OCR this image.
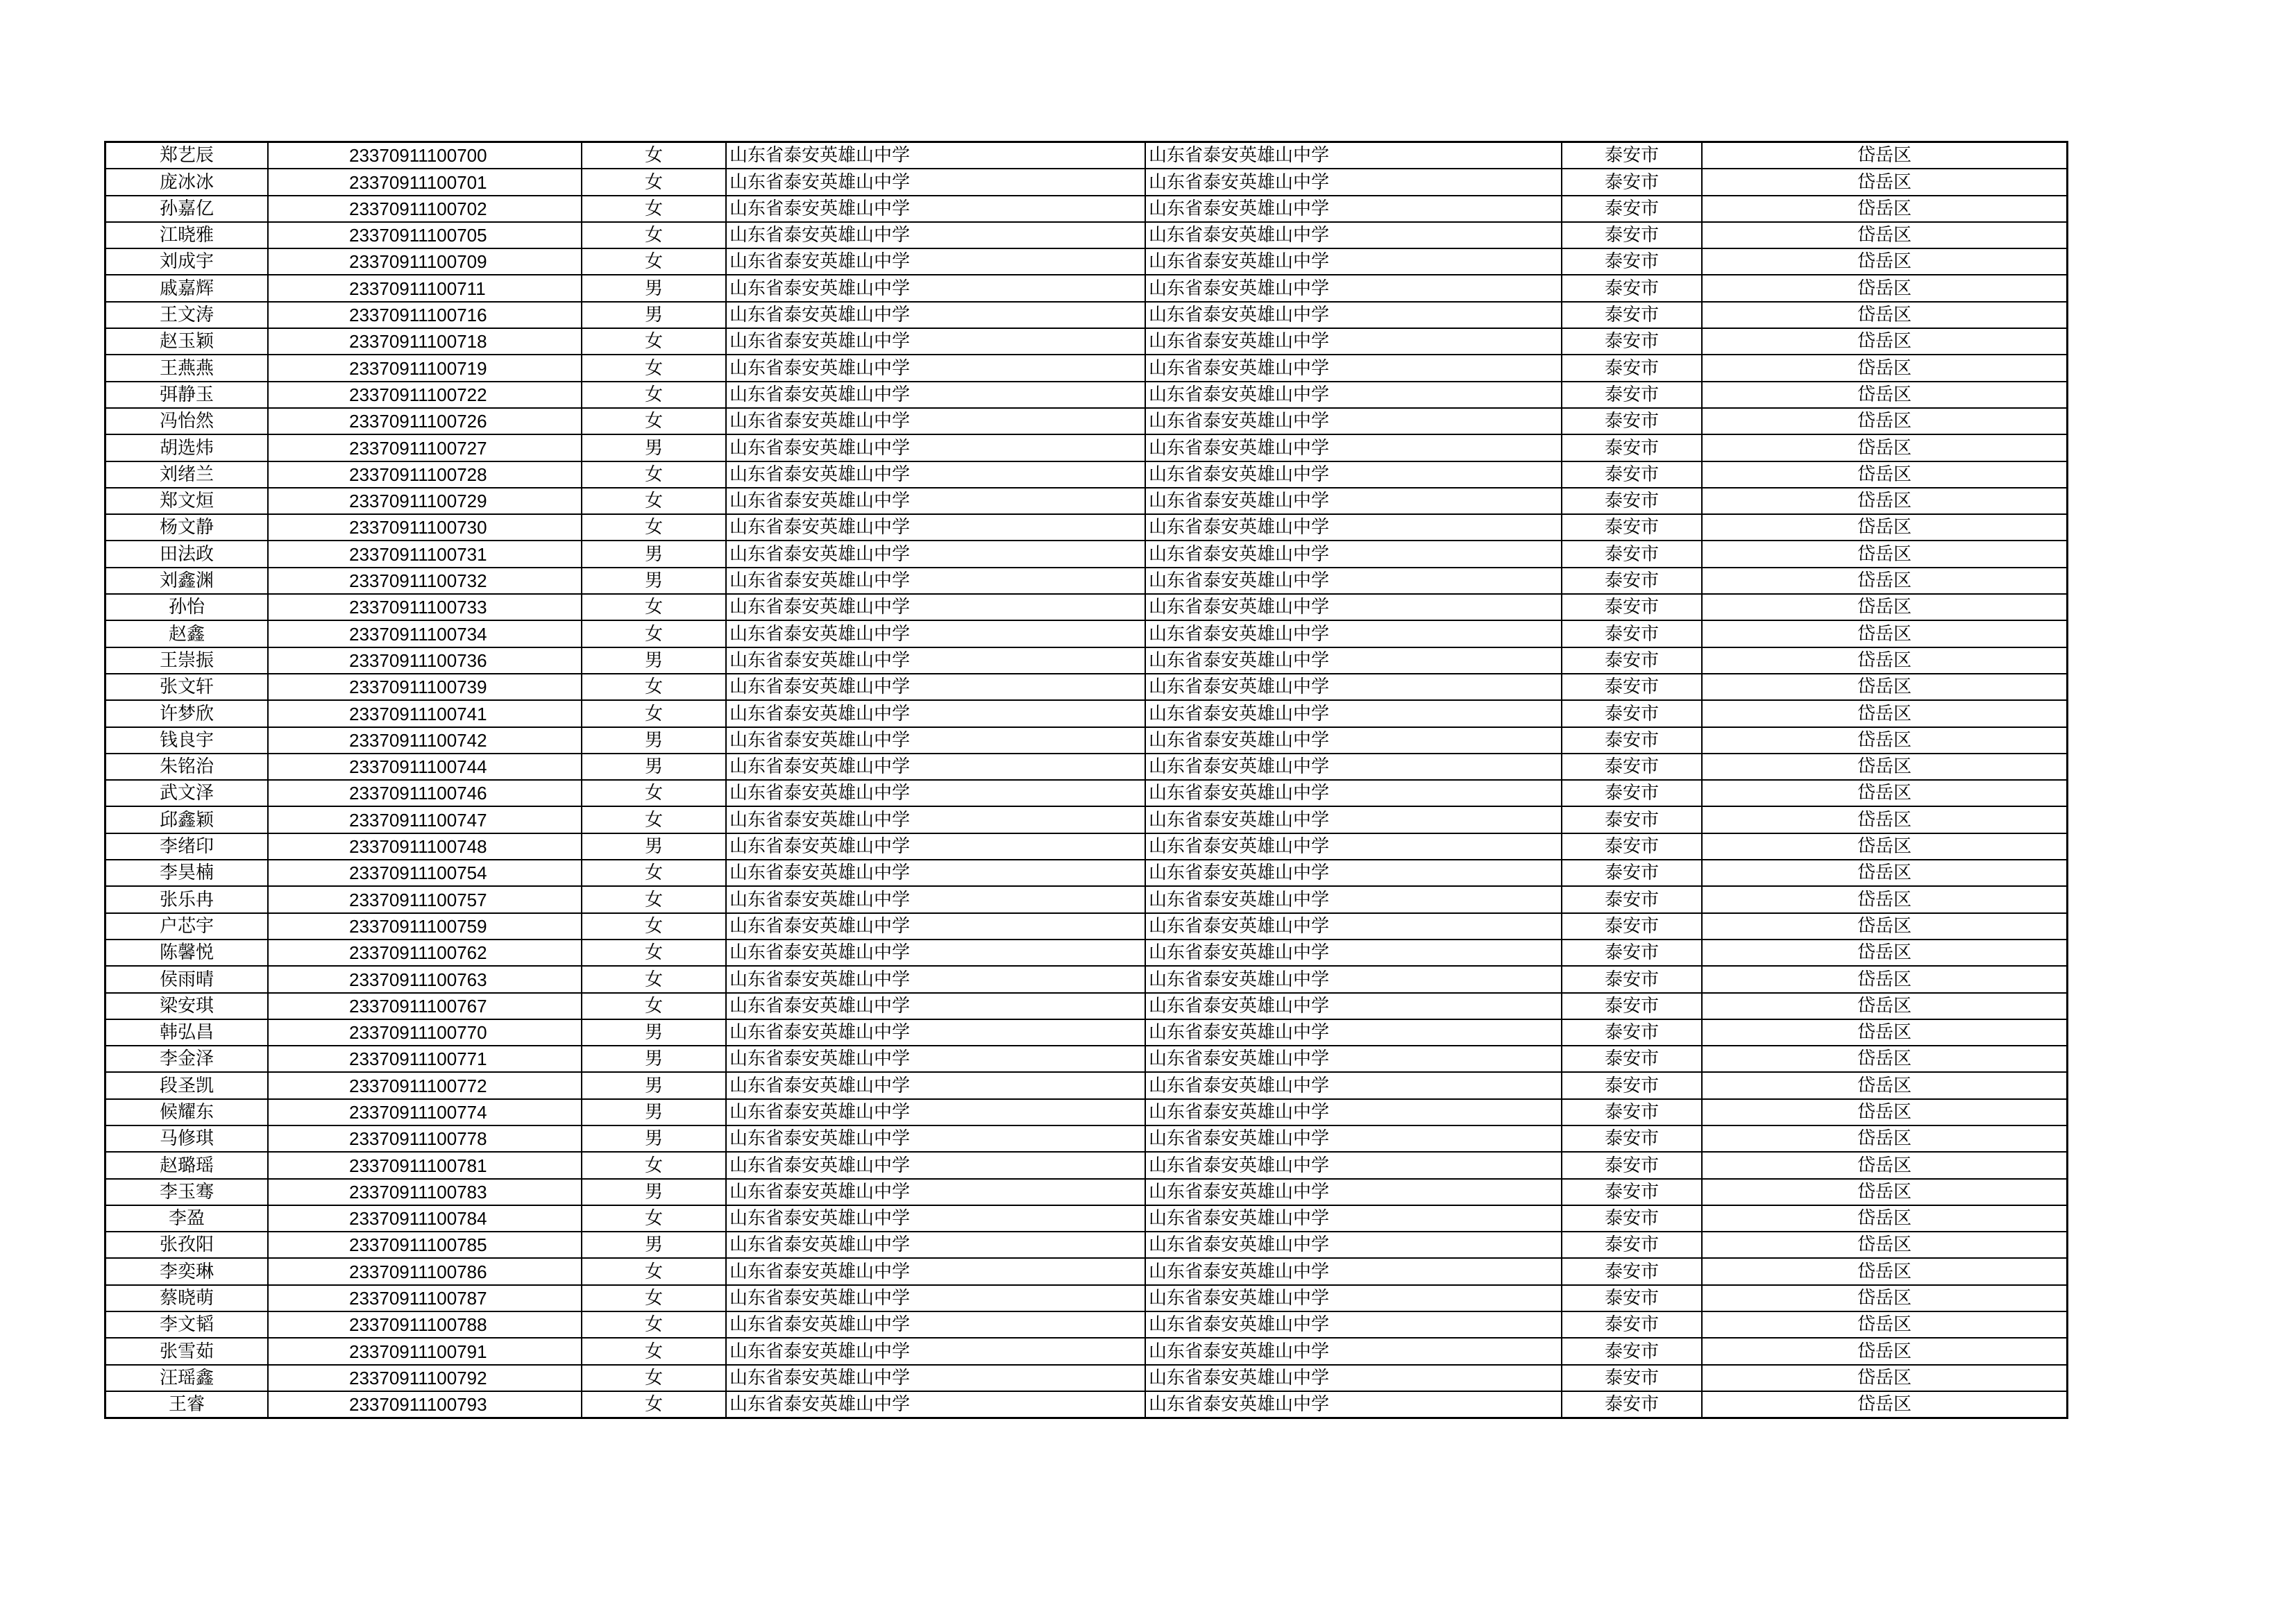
郑艺辰	23370911100700	女	山东省泰安英雄山中学	山东省泰安英雄山中学	泰安市	岱岳区
庞冰冰	23370911100701	女	山东省泰安英雄山中学	山东省泰安英雄山中学	泰安市	岱岳区
孙嘉亿	23370911100702	女	山东省泰安英雄山中学	山东省泰安英雄山中学	泰安市	岱岳区
江晓雅	23370911100705	女	山东省泰安英雄山中学	山东省泰安英雄山中学	泰安市	岱岳区
刘成宇	23370911100709	女	山东省泰安英雄山中学	山东省泰安英雄山中学	泰安市	岱岳区
戚嘉辉	23370911100711	男	山东省泰安英雄山中学	山东省泰安英雄山中学	泰安市	岱岳区
王文涛	23370911100716	男	山东省泰安英雄山中学	山东省泰安英雄山中学	泰安市	岱岳区
赵玉颖	23370911100718	女	山东省泰安英雄山中学	山东省泰安英雄山中学	泰安市	岱岳区
王燕燕	23370911100719	女	山东省泰安英雄山中学	山东省泰安英雄山中学	泰安市	岱岳区
弭静玉	23370911100722	女	山东省泰安英雄山中学	山东省泰安英雄山中学	泰安市	岱岳区
冯怡然	23370911100726	女	山东省泰安英雄山中学	山东省泰安英雄山中学	泰安市	岱岳区
胡选炜	23370911100727	男	山东省泰安英雄山中学	山东省泰安英雄山中学	泰安市	岱岳区
刘绪兰	23370911100728	女	山东省泰安英雄山中学	山东省泰安英雄山中学	泰安市	岱岳区
郑文烜	23370911100729	女	山东省泰安英雄山中学	山东省泰安英雄山中学	泰安市	岱岳区
杨文静	23370911100730	女	山东省泰安英雄山中学	山东省泰安英雄山中学	泰安市	岱岳区
田法政	23370911100731	男	山东省泰安英雄山中学	山东省泰安英雄山中学	泰安市	岱岳区
刘鑫渊	23370911100732	男	山东省泰安英雄山中学	山东省泰安英雄山中学	泰安市	岱岳区
孙怡	23370911100733	女	山东省泰安英雄山中学	山东省泰安英雄山中学	泰安市	岱岳区
赵鑫	23370911100734	女	山东省泰安英雄山中学	山东省泰安英雄山中学	泰安市	岱岳区
王崇振	23370911100736	男	山东省泰安英雄山中学	山东省泰安英雄山中学	泰安市	岱岳区
张文轩	23370911100739	女	山东省泰安英雄山中学	山东省泰安英雄山中学	泰安市	岱岳区
许梦欣	23370911100741	女	山东省泰安英雄山中学	山东省泰安英雄山中学	泰安市	岱岳区
钱良宇	23370911100742	男	山东省泰安英雄山中学	山东省泰安英雄山中学	泰安市	岱岳区
朱铭治	23370911100744	男	山东省泰安英雄山中学	山东省泰安英雄山中学	泰安市	岱岳区
武文泽	23370911100746	女	山东省泰安英雄山中学	山东省泰安英雄山中学	泰安市	岱岳区
邱鑫颖	23370911100747	女	山东省泰安英雄山中学	山东省泰安英雄山中学	泰安市	岱岳区
李绪印	23370911100748	男	山东省泰安英雄山中学	山东省泰安英雄山中学	泰安市	岱岳区
李昊楠	23370911100754	女	山东省泰安英雄山中学	山东省泰安英雄山中学	泰安市	岱岳区
张乐冉	23370911100757	女	山东省泰安英雄山中学	山东省泰安英雄山中学	泰安市	岱岳区
户芯宇	23370911100759	女	山东省泰安英雄山中学	山东省泰安英雄山中学	泰安市	岱岳区
陈馨悦	23370911100762	女	山东省泰安英雄山中学	山东省泰安英雄山中学	泰安市	岱岳区
侯雨晴	23370911100763	女	山东省泰安英雄山中学	山东省泰安英雄山中学	泰安市	岱岳区
梁安琪	23370911100767	女	山东省泰安英雄山中学	山东省泰安英雄山中学	泰安市	岱岳区
韩弘昌	23370911100770	男	山东省泰安英雄山中学	山东省泰安英雄山中学	泰安市	岱岳区
李金泽	23370911100771	男	山东省泰安英雄山中学	山东省泰安英雄山中学	泰安市	岱岳区
段圣凯	23370911100772	男	山东省泰安英雄山中学	山东省泰安英雄山中学	泰安市	岱岳区
候耀东	23370911100774	男	山东省泰安英雄山中学	山东省泰安英雄山中学	泰安市	岱岳区
马修琪	23370911100778	男	山东省泰安英雄山中学	山东省泰安英雄山中学	泰安市	岱岳区
赵璐瑶	23370911100781	女	山东省泰安英雄山中学	山东省泰安英雄山中学	泰安市	岱岳区
李玉骞	23370911100783	男	山东省泰安英雄山中学	山东省泰安英雄山中学	泰安市	岱岳区
李盈	23370911100784	女	山东省泰安英雄山中学	山东省泰安英雄山中学	泰安市	岱岳区
张孜阳	23370911100785	男	山东省泰安英雄山中学	山东省泰安英雄山中学	泰安市	岱岳区
李奕琳	23370911100786	女	山东省泰安英雄山中学	山东省泰安英雄山中学	泰安市	岱岳区
蔡晓萌	23370911100787	女	山东省泰安英雄山中学	山东省泰安英雄山中学	泰安市	岱岳区
李文韬	23370911100788	女	山东省泰安英雄山中学	山东省泰安英雄山中学	泰安市	岱岳区
张雪茹	23370911100791	女	山东省泰安英雄山中学	山东省泰安英雄山中学	泰安市	岱岳区
汪瑶鑫	23370911100792	女	山东省泰安英雄山中学	山东省泰安英雄山中学	泰安市	岱岳区
王睿	23370911100793	女	山东省泰安英雄山中学	山东省泰安英雄山中学	泰安市	岱岳区
